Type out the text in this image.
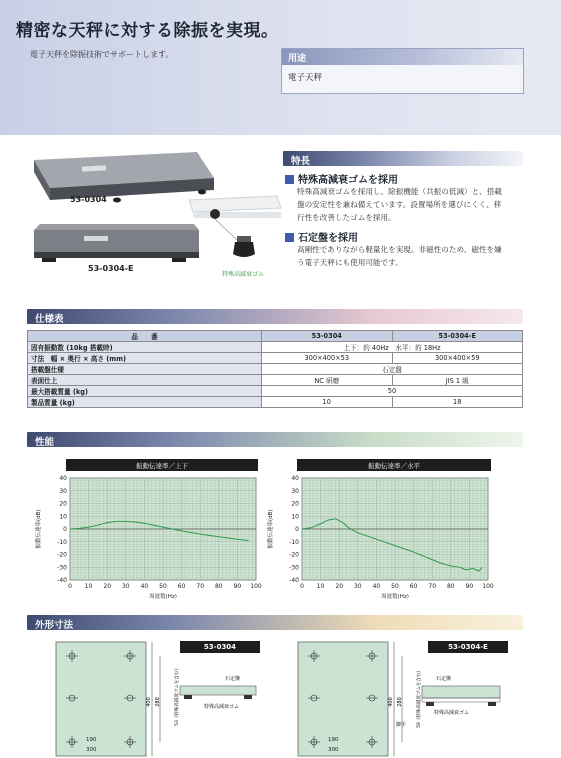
精密な天秤に対する除振を実現。
電子天秤を除振技術でサポートします。	用途
電子天秤
53-0304
53-0304-E
特殊高減衰ゴム
特長
特殊高減衰ゴムを採用
特殊高減衰ゴムを採用し、除振機能（共振の低減）と、搭載
盤の安定性を兼ね備えています。設置場所を選びにくく、移
行性を改善したゴムを採用。
石定盤を採用
高剛性でありながら軽量化を実現。非磁性のため、磁性を嫌
う電子天秤にも使用可能です。
仕様表
品　　番	53-0304	53-0304-E
固有振動数 (10kg 搭載時)	上下：約 40Hz　水平：約 18Hz	
寸法　幅 × 奥行 × 高さ (mm)	300×400×53	300×400×59
搭載盤仕様	石定盤	
表面仕上	NC 研磨	JIS 1 級
最大搭載質量 (kg)	50	
製品質量 (kg)	10	18
性能
振動伝達率／上下
0 10 20 30 40 50 60 70 80 90 100
40
30
20
10
0
-10
-20
-30
-40
周波数(Hz)
振動伝達率(dB)
振動伝達率／水平
0 10 20 30 40 50 60 70 80 90 100
40
30
20
10
0
-10
-20
-30
-40
周波数(Hz)
振動伝達率(dB)
外形寸法
400 280
石定盤
特殊高減衰ゴム
53（特殊高減衰ゴムを含む）
53-0304
190
300
400 280
石定盤
特殊高減衰ゴム
脚手	59（特殊高減衰ゴムを含む）
53-0304-E
190
300
